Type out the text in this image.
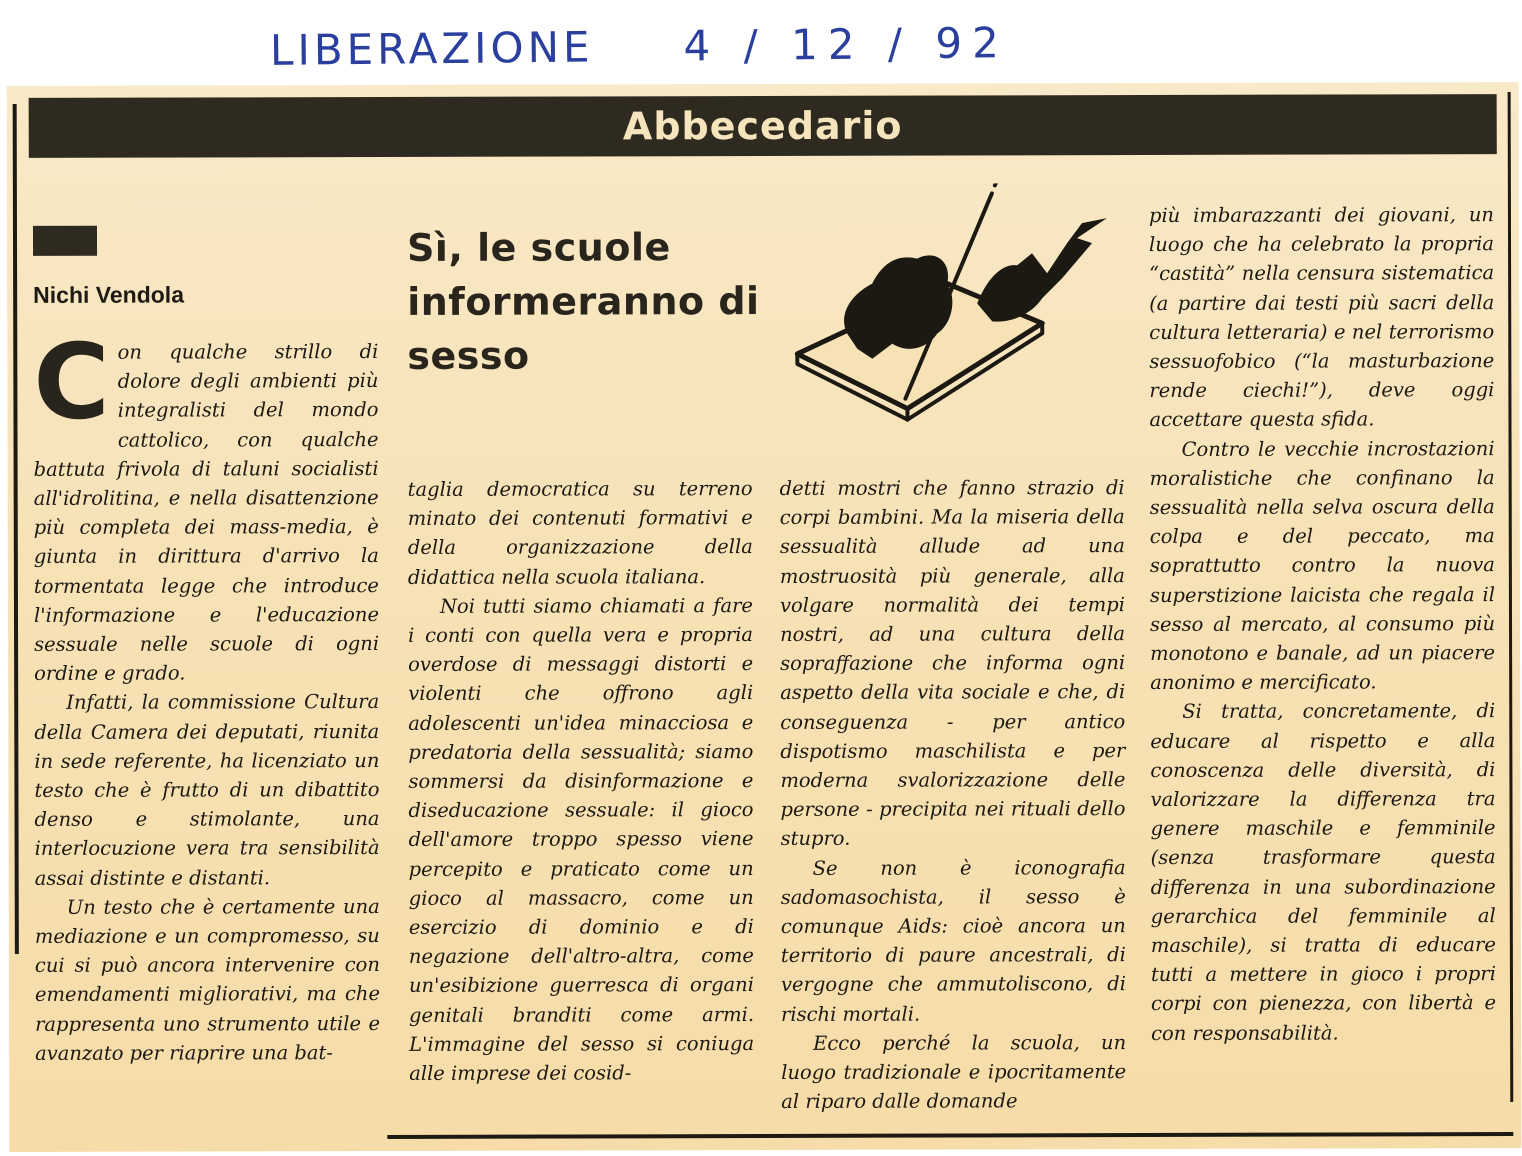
LIBERAZIONE 4 / 12 / 92
Abbecedario
Nichi Vendola
Sì, le scuole informeranno di sesso

Con qualche strillo di dolore degli ambienti più integralisti del mondo cattolico, con qualche battuta frivola di taluni socialisti all'idrolitina, e nella disattenzione più completa dei mass-media, è giunta in dirittura d'arrivo la tormentata legge che introduce l'informazione e l'educazione sessuale nelle scuole di ogni ordine e grado.

Infatti, la commissione Cultura della Camera dei deputati, riunita in sede referente, ha licenziato un testo che è frutto di un dibattito denso e stimolante, una interlocuzione vera tra sensibilità assai distinte e distanti.

Un testo che è certamente una mediazione e un compromesso, su cui si può ancora intervenire con emendamenti migliorativi, ma che rappresenta uno strumento utile e avanzato per riaprire una bat-

taglia democratica su terreno minato dei contenuti formativi e della organizzazione della didattica nella scuola italiana.

Noi tutti siamo chiamati a fare i conti con quella vera e propria overdose di messaggi distorti e violenti che offrono agli adolescenti un'idea minacciosa e predatoria della sessualità; siamo sommersi da disinformazione e diseducazione sessuale: il gioco dell'amore troppo spesso viene percepito e praticato come un gioco al massacro, come un esercizio di dominio e di negazione dell'altro-altra, come un'esibizione guerresca di organi genitali branditi come armi. L'immagine del sesso si coniuga alle imprese dei cosid-

detti mostri che fanno strazio di corpi bambini. Ma la miseria della sessualità allude ad una mostruosità più generale, alla volgare normalità dei tempi nostri, ad una cultura della sopraffazione che informa ogni aspetto della vita sociale e che, di conseguenza - per antico dispotismo maschilista e per moderna svalorizzazione delle persone - precipita nei rituali dello stupro.

Se non è iconografia sadomasochista, il sesso è comunque Aids: cioè ancora un territorio di paure ancestrali, di vergogne che ammutoliscono, di rischi mortali.

Ecco perché la scuola, un luogo tradizionale e ipocritamente al riparo dalle domande

più imbarazzanti dei giovani, un luogo che ha celebrato la propria “castità” nella censura sistematica (a partire dai testi più sacri della cultura letteraria) e nel terrorismo sessuofobico (“la masturbazione rende ciechi!”), deve oggi accettare questa sfida.

Contro le vecchie incrostazioni moralistiche che confinano la sessualità nella selva oscura della colpa e del peccato, ma soprattutto contro la nuova superstizione laicista che regala il sesso al mercato, al consumo più monotono e banale, ad un piacere anonimo e mercificato.

Si tratta, concretamente, di educare al rispetto e alla conoscenza delle diversità, di valorizzare la differenza tra genere maschile e femminile (senza trasformare questa differenza in una subordinazione gerarchica del femminile al maschile), si tratta di educare tutti a mettere in gioco i propri corpi con pienezza, con libertà e con responsabilità.
